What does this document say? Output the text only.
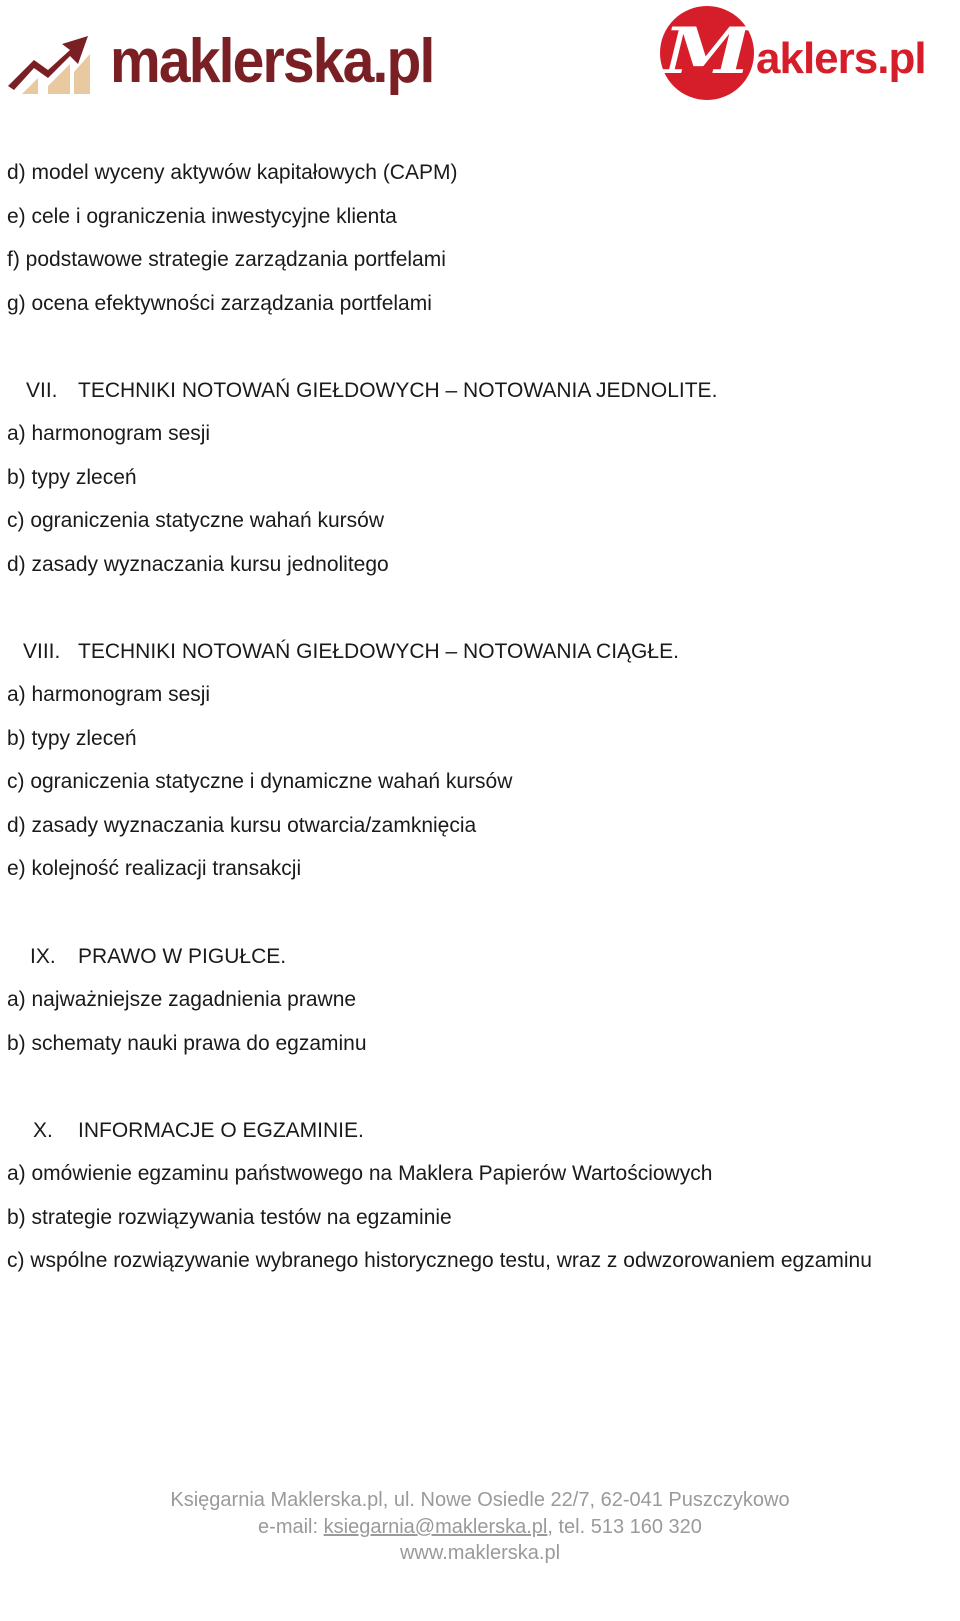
maklerska.pl	M aklers.pl
d) model wyceny aktywów kapitałowych (CAPM)
e) cele i ograniczenia inwestycyjne klienta
f) podstawowe strategie zarządzania portfelami
g) ocena efektywności zarządzania portfelami
VII. TECHNIKI NOTOWAŃ GIEŁDOWYCH – NOTOWANIA JEDNOLITE.
a) harmonogram sesji
b) typy zleceń
c) ograniczenia statyczne wahań kursów
d) zasady wyznaczania kursu jednolitego
VIII. TECHNIKI NOTOWAŃ GIEŁDOWYCH – NOTOWANIA CIĄGŁE.
a) harmonogram sesji
b) typy zleceń
c) ograniczenia statyczne i dynamiczne wahań kursów
d) zasady wyznaczania kursu otwarcia/zamknięcia
e) kolejność realizacji transakcji
IX. PRAWO W PIGUŁCE.
a) najważniejsze zagadnienia prawne
b) schematy nauki prawa do egzaminu
X. INFORMACJE O EGZAMINIE.
a) omówienie egzaminu państwowego na Maklera Papierów Wartościowych
b) strategie rozwiązywania testów na egzaminie
c) wspólne rozwiązywanie wybranego historycznego testu, wraz z odwzorowaniem egzaminu
Księgarnia Maklerska.pl, ul. Nowe Osiedle 22/7, 62-041 Puszczykowo
e-mail: ksiegarnia@maklerska.pl, tel. 513 160 320
www.maklerska.pl
